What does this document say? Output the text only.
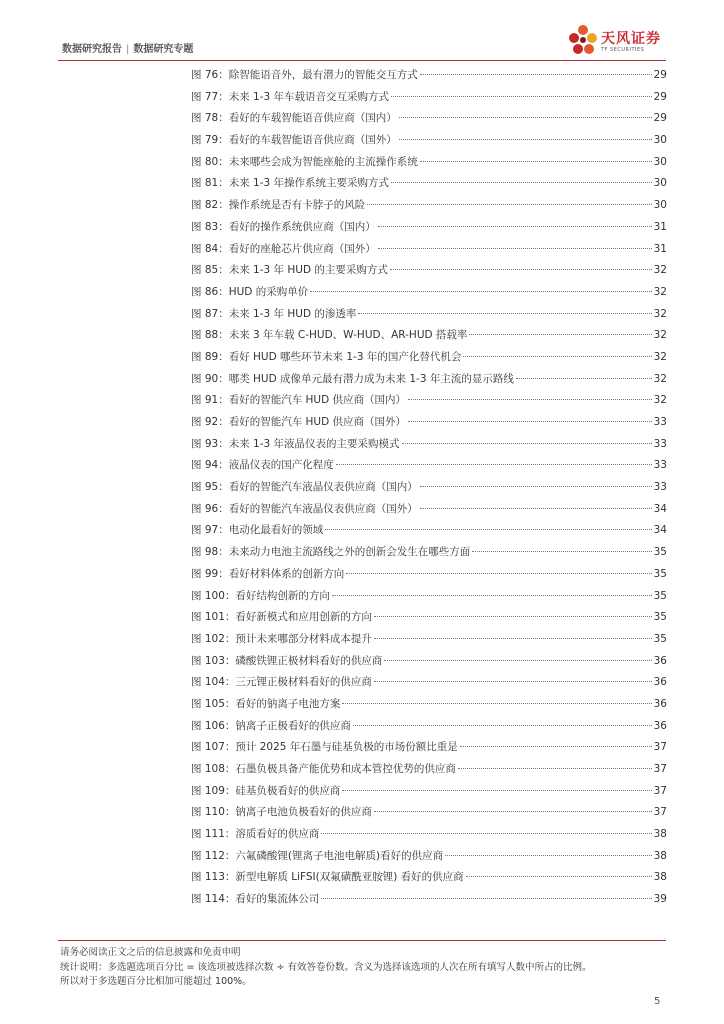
数据研究报告 | 数据研究专题
天风证券
TF SECURITIES
图 76：除智能语音外，最有潜力的智能交互方式	29
图 77：未来 1-3 年车载语音交互采购方式	29
图 78：看好的车载智能语音供应商（国内）	29
图 79：看好的车载智能语音供应商（国外）	30
图 80：未来哪些会成为智能座舱的主流操作系统	30
图 81：未来 1-3 年操作系统主要采购方式	30
图 82：操作系统是否有卡脖子的风险	30
图 83：看好的操作系统供应商（国内）	31
图 84：看好的座舱芯片供应商（国外）	31
图 85：未来 1-3 年 HUD 的主要采购方式	32
图 86：HUD 的采购单价	32
图 87：未来 1-3 年 HUD 的渗透率	32
图 88：未来 3 年车载 C-HUD、W-HUD、AR-HUD 搭载率	32
图 89：看好 HUD 哪些环节未来 1-3 年的国产化替代机会	32
图 90：哪类 HUD 成像单元最有潜力成为未来 1-3 年主流的显示路线	32
图 91：看好的智能汽车 HUD 供应商（国内）	32
图 92：看好的智能汽车 HUD 供应商（国外）	33
图 93：未来 1-3 年液晶仪表的主要采购模式	33
图 94：液晶仪表的国产化程度	33
图 95：看好的智能汽车液晶仪表供应商（国内）	33
图 96：看好的智能汽车液晶仪表供应商（国外）	34
图 97：电动化最看好的领域	34
图 98：未来动力电池主流路线之外的创新会发生在哪些方面	35
图 99：看好材料体系的创新方向	35
图 100：看好结构创新的方向	35
图 101：看好新模式和应用创新的方向	35
图 102：预计未来哪部分材料成本提升	35
图 103：磷酸铁锂正极材料看好的供应商	36
图 104：三元锂正极材料看好的供应商	36
图 105：看好的钠离子电池方案	36
图 106：钠离子正极看好的供应商	36
图 107：预计 2025 年石墨与硅基负极的市场份额比重是	37
图 108：石墨负极具备产能优势和成本管控优势的供应商	37
图 109：硅基负极看好的供应商	37
图 110：钠离子电池负极看好的供应商	37
图 111：溶质看好的供应商	38
图 112：六氟磷酸锂(锂离子电池电解质)看好的供应商	38
图 113：新型电解质 LiFSI(双氟磺酰亚胺锂) 看好的供应商	38
图 114：看好的集流体公司	39
请务必阅读正文之后的信息披露和免责申明
统计说明：多选题选项百分比 = 该选项被选择次数 ÷ 有效答卷份数。含义为选择该选项的人次在所有填写人数中所占的比例。
所以对于多选题百分比相加可能超过 100%。
5
